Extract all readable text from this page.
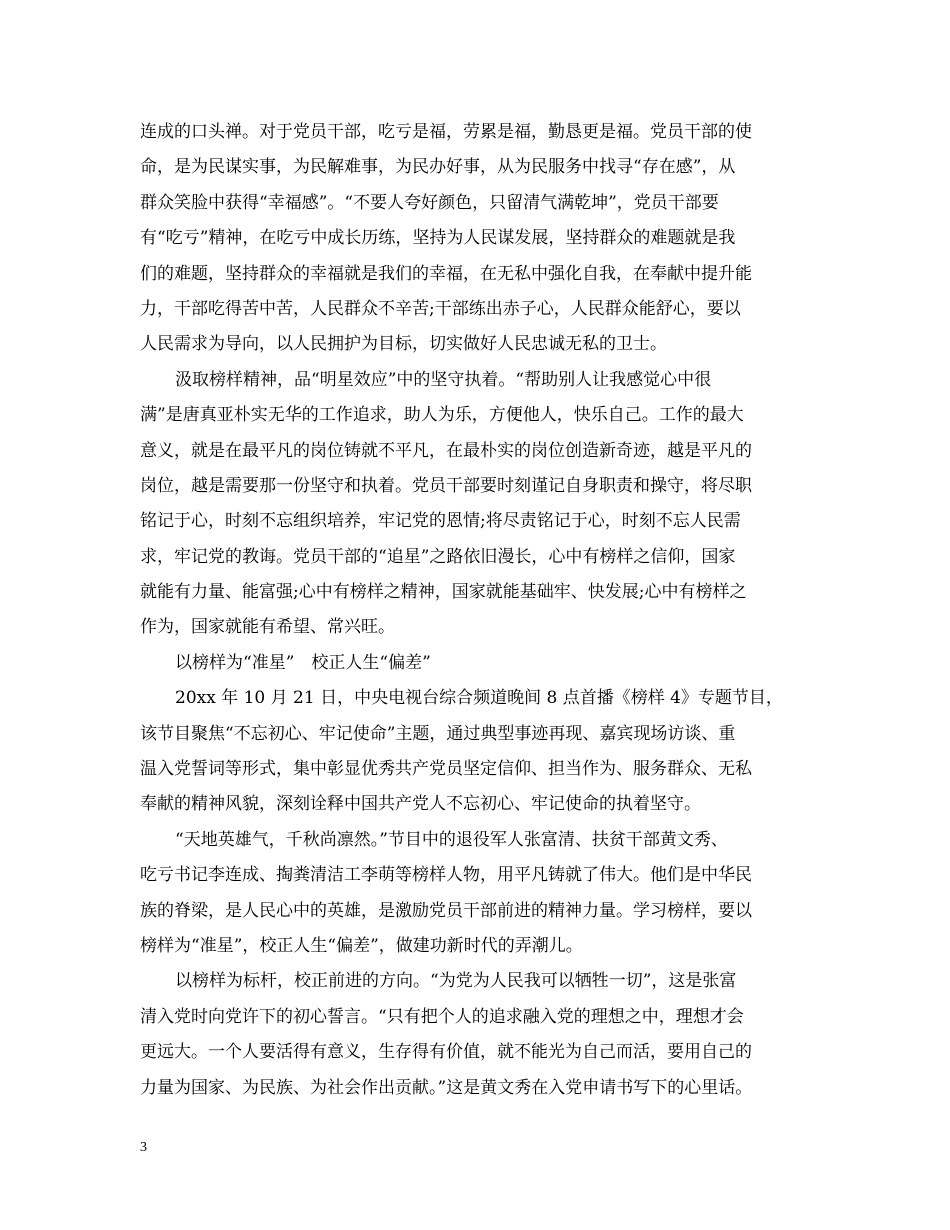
连成的口头禅。对于党员干部，吃亏是福，劳累是福，勤恳更是福。党员干部的使
命，是为民谋实事，为民解难事，为民办好事，从为民服务中找寻“存在感”，从
群众笑脸中获得“幸福感”。“不要人夸好颜色，只留清气满乾坤”，党员干部要
有“吃亏”精神，在吃亏中成长历练，坚持为人民谋发展，坚持群众的难题就是我
们的难题，坚持群众的幸福就是我们的幸福，在无私中强化自我，在奉献中提升能
力，干部吃得苦中苦，人民群众不辛苦;干部练出赤子心，人民群众能舒心，要以
人民需求为导向，以人民拥护为目标，切实做好人民忠诚无私的卫士。
汲取榜样精神，品“明星效应”中的坚守执着。“帮助别人让我感觉心中很
满”是唐真亚朴实无华的工作追求，助人为乐，方便他人，快乐自己。工作的最大
意义，就是在最平凡的岗位铸就不平凡，在最朴实的岗位创造新奇迹，越是平凡的
岗位，越是需要那一份坚守和执着。党员干部要时刻谨记自身职责和操守，将尽职
铭记于心，时刻不忘组织培养，牢记党的恩情;将尽责铭记于心，时刻不忘人民需
求，牢记党的教诲。党员干部的“追星”之路依旧漫长，心中有榜样之信仰，国家
就能有力量、能富强;心中有榜样之精神，国家就能基础牢、快发展;心中有榜样之
作为，国家就能有希望、常兴旺。
以榜样为“准星”　校正人生“偏差”
20xx 年 10 月 21 日，中央电视台综合频道晚间 8 点首播《榜样 4》专题节目，
该节目聚焦“不忘初心、牢记使命”主题，通过典型事迹再现、嘉宾现场访谈、重
温入党誓词等形式，集中彰显优秀共产党员坚定信仰、担当作为、服务群众、无私
奉献的精神风貌，深刻诠释中国共产党人不忘初心、牢记使命的执着坚守。
“天地英雄气，千秋尚凛然。”节目中的退役军人张富清、扶贫干部黄文秀、
吃亏书记李连成、掏粪清洁工李萌等榜样人物，用平凡铸就了伟大。他们是中华民
族的脊梁，是人民心中的英雄，是激励党员干部前进的精神力量。学习榜样，要以
榜样为“准星”，校正人生“偏差”，做建功新时代的弄潮儿。
以榜样为标杆，校正前进的方向。“为党为人民我可以牺牲一切”，这是张富
清入党时向党许下的初心誓言。“只有把个人的追求融入党的理想之中，理想才会
更远大。一个人要活得有意义，生存得有价值，就不能光为自己而活，要用自己的
力量为国家、为民族、为社会作出贡献。”这是黄文秀在入党申请书写下的心里话。
3
